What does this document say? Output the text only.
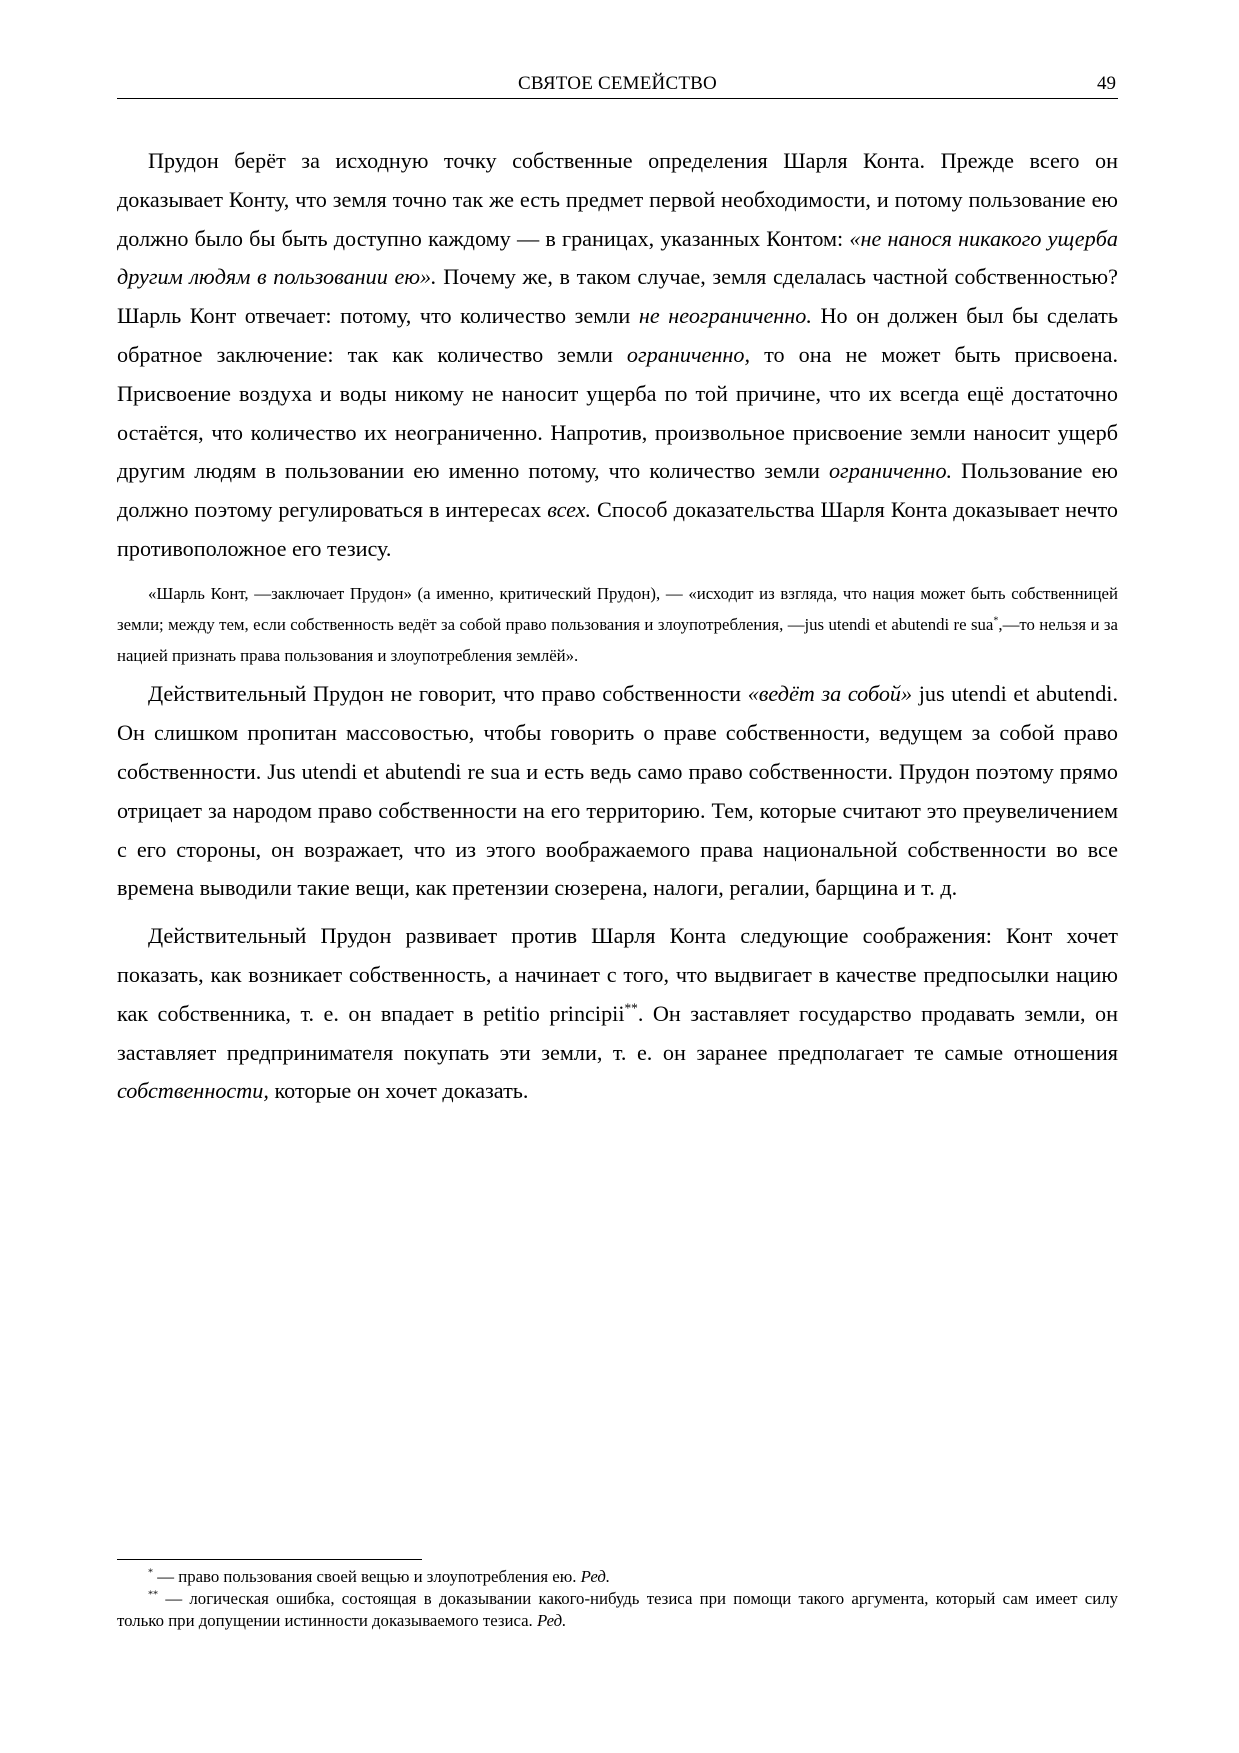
СВЯТОЕ СЕМЕЙСТВО	49

Прудон берёт за исходную точку собственные определения Шарля Конта. Прежде всего он доказывает Конту, что земля точно так же есть предмет первой необходимости, и потому пользование ею должно было бы быть доступно каждому — в границах, указанных Контом: «не нанося никакого ущерба другим людям в пользовании ею». Почему же, в таком случае, земля сделалась частной собственностью? Шарль Конт отвечает: потому, что количество земли не неограниченно. Но он должен был бы сделать обратное заключение: так как количество земли ограниченно, то она не может быть присвоена. Присвоение воздуха и воды никому не наносит ущерба по той причине, что их всегда ещё достаточно остаётся, что количество их неограниченно. Напротив, произвольное присвоение земли наносит ущерб другим людям в пользовании ею именно потому, что количество земли ограниченно. Пользование ею должно поэтому регулироваться в интересах всех. Способ доказательства Шарля Конта доказывает нечто противоположное его тезису.

«Шарль Конт, —заключает Прудон» (а именно, критический Прудон), — «исходит из взгляда, что нация может быть собственницей земли; между тем, если собственность ведёт за собой право пользования и злоупотребления, —jus utendi et abutendi re sua*,—то нельзя и за нацией признать права пользования и злоупотребления землёй».

Действительный Прудон не говорит, что право собственности «ведёт за собой» jus utendi et abutendi. Он слишком пропитан массовостью, чтобы говорить о праве собственности, ведущем за собой право собственности. Jus utendi et abutendi re sua и есть ведь само право собственности. Прудон поэтому прямо отрицает за народом право собственности на его территорию. Тем, которые считают это преувеличением с его стороны, он возражает, что из этого воображаемого права национальной собственности во все времена выводили такие вещи, как претензии сюзерена, налоги, регалии, барщина и т. д.

Действительный Прудон развивает против Шарля Конта следующие соображения: Конт хочет показать, как возникает собственность, а начинает с того, что выдвигает в качестве предпосылки нацию как собственника, т. е. он впадает в petitio principii**. Он заставляет государство продавать земли, он заставляет предпринимателя покупать эти земли, т. е. он заранее предполагает те самые отношения собственности, которые он хочет доказать.

* — право пользования своей вещью и злоупотребления ею. Ред.

** — логическая ошибка, состоящая в доказывании какого-нибудь тезиса при помощи такого аргумента, который сам имеет силу только при допущении истинности доказываемого тезиса. Ред.
